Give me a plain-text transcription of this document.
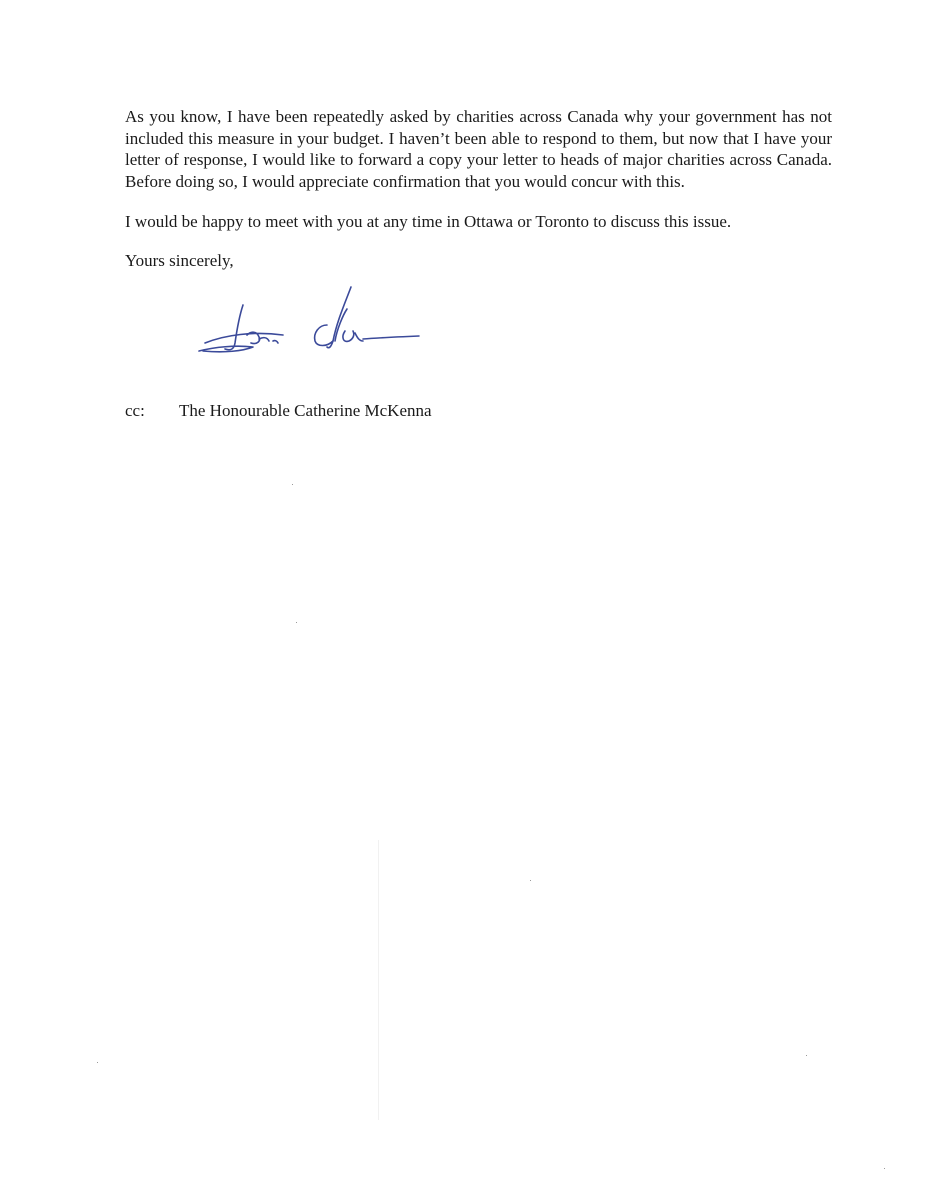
As you know, I have been repeatedly asked by charities across Canada why your government has not included this measure in your budget. I haven’t been able to respond to them, but now that I have your letter of response, I would like to forward a copy your letter to heads of major charities across Canada. Before doing so, I would appreciate confirmation that you would concur with this.

I would be happy to meet with you at any time in Ottawa or Toronto to discuss this issue.

Yours sincerely,

cc:	The Honourable Catherine McKenna
